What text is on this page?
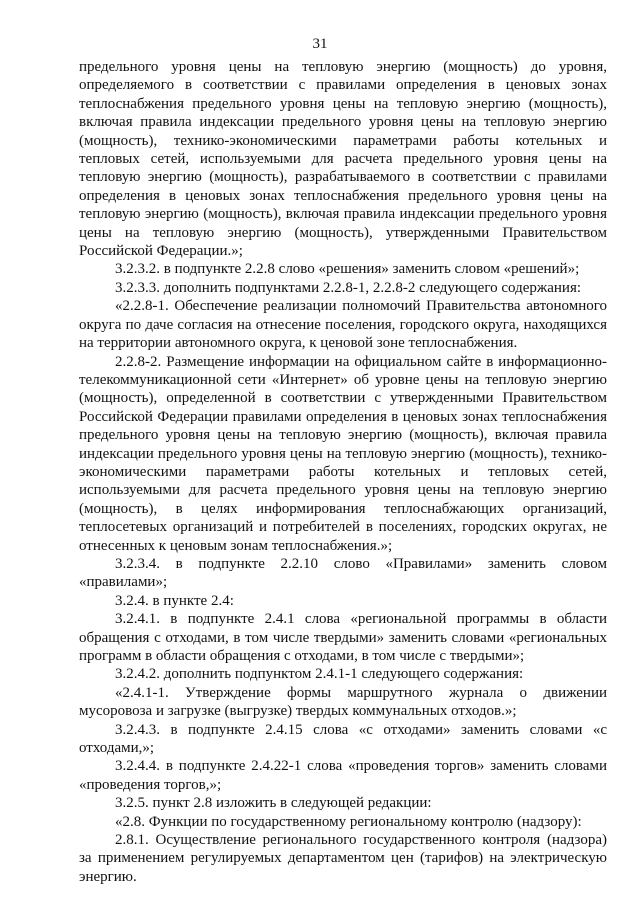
31

предельного уровня цены на тепловую энергию (мощность) до уровня, определяемого в соответствии с правилами определения в ценовых зонах теплоснабжения предельного уровня цены на тепловую энергию (мощность), включая правила индексации предельного уровня цены на тепловую энергию (мощность), технико-экономическими параметрами работы котельных и тепловых сетей, используемыми для расчета предельного уровня цены на тепловую энергию (мощность), разрабатываемого в соответствии с правилами определения в ценовых зонах теплоснабжения предельного уровня цены на тепловую энергию (мощность), включая правила индексации предельного уровня цены на тепловую энергию (мощность), утвержденными Правительством Российской Федерации.»;

3.2.3.2. в подпункте 2.2.8 слово «решения» заменить словом «решений»;

3.2.3.3. дополнить подпунктами 2.2.8-1, 2.2.8-2 следующего содержания:

«2.2.8-1. Обеспечение реализации полномочий Правительства автономного округа по даче согласия на отнесение поселения, городского округа, находящихся на территории автономного округа, к ценовой зоне теплоснабжения.

2.2.8-2. Размещение информации на официальном сайте в информационно-телекоммуникационной сети «Интернет» об уровне цены на тепловую энергию (мощность), определенной в соответствии с утвержденными Правительством Российской Федерации правилами определения в ценовых зонах теплоснабжения предельного уровня цены на тепловую энергию (мощность), включая правила индексации предельного уровня цены на тепловую энергию (мощность), технико-экономическими параметрами работы котельных и тепловых сетей, используемыми для расчета предельного уровня цены на тепловую энергию (мощность), в целях информирования теплоснабжающих организаций, теплосетевых организаций и потребителей в поселениях, городских округах, не отнесенных к ценовым зонам теплоснабжения.»;

3.2.3.4. в подпункте 2.2.10 слово «Правилами» заменить словом «правилами»;

3.2.4. в пункте 2.4:

3.2.4.1. в подпункте 2.4.1 слова «региональной программы в области обращения с отходами, в том числе твердыми» заменить словами «региональных программ в области обращения с отходами, в том числе с твердыми»;

3.2.4.2. дополнить подпунктом 2.4.1-1 следующего содержания:

«2.4.1-1. Утверждение формы маршрутного журнала о движении мусоровоза и загрузке (выгрузке) твердых коммунальных отходов.»;

3.2.4.3. в подпункте 2.4.15 слова «с отходами» заменить словами «с отходами,»;

3.2.4.4. в подпункте 2.4.22-1 слова «проведения торгов» заменить словами «проведения торгов,»;

3.2.5. пункт 2.8 изложить в следующей редакции:

«2.8. Функции по государственному региональному контролю (надзору):

2.8.1. Осуществление регионального государственного контроля (надзора) за применением регулируемых департаментом цен (тарифов) на электрическую энергию.
